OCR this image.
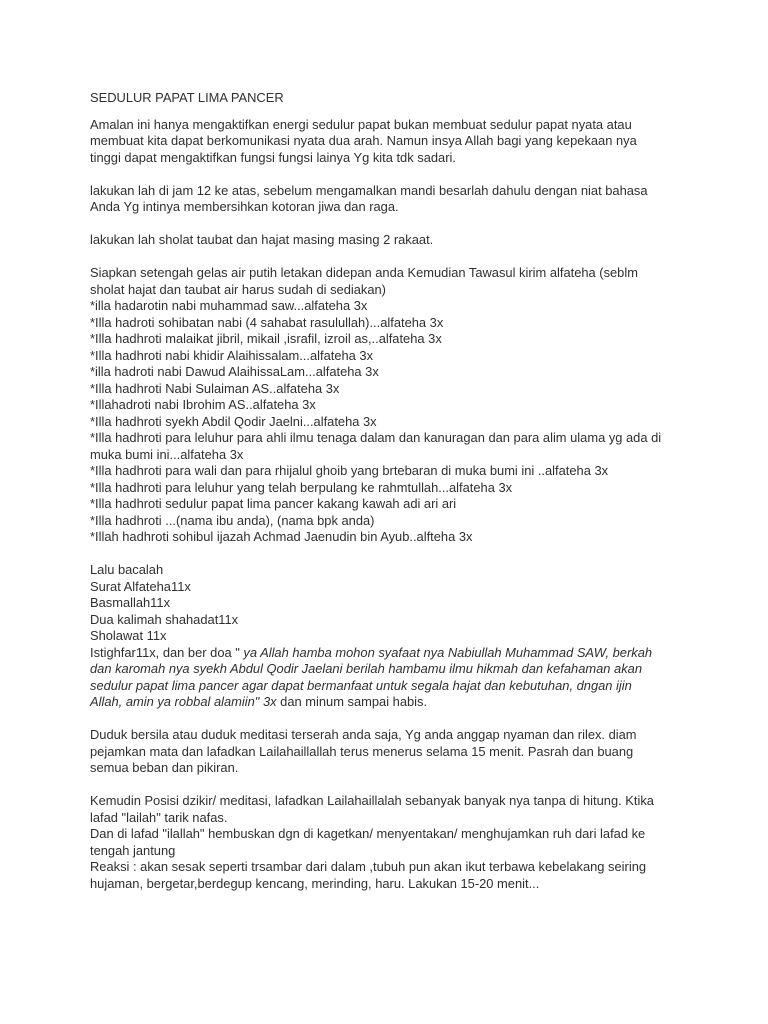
SEDULUR PAPAT LIMA PANCER
Amalan ini hanya mengaktifkan energi sedulur papat bukan membuat sedulur papat nyata atau
membuat kita dapat berkomunikasi nyata dua arah. Namun insya Allah bagi yang kepekaan nya
tinggi dapat mengaktifkan fungsi fungsi lainya Yg kita tdk sadari.
lakukan lah di jam 12 ke atas, sebelum mengamalkan mandi besarlah dahulu dengan niat bahasa
Anda Yg intinya membersihkan kotoran jiwa dan raga.
lakukan lah sholat taubat dan hajat masing masing 2 rakaat.
Siapkan setengah gelas air putih letakan didepan anda Kemudian Tawasul kirim alfateha (seblm
sholat hajat dan taubat air harus sudah di sediakan)
*illa hadarotin nabi muhammad saw...alfateha 3x
*Illa hadroti sohibatan nabi (4 sahabat rasulullah)...alfateha 3x
*Illa hadhroti malaikat jibril, mikail ,israfil, izroil as,..alfateha 3x
*Illa hadhroti nabi khidir Alaihissalam...alfateha 3x
*illa hadroti nabi Dawud AlaihissaLam...alfateha 3x
*Illa hadhroti Nabi Sulaiman AS..alfateha 3x
*Illahadroti nabi Ibrohim AS..alfateha 3x
*Illa hadhroti syekh Abdil Qodir Jaelni...alfateha 3x
*Illa hadhroti para leluhur para ahli ilmu tenaga dalam dan kanuragan dan para alim ulama yg ada di
muka bumi ini...alfateha 3x
*Illa hadhroti para wali dan para rhijalul ghoib yang brtebaran di muka bumi ini ..alfateha 3x
*Illa hadhroti para leluhur yang telah berpulang ke rahmtullah...alfateha 3x
*Illa hadhroti sedulur papat lima pancer kakang kawah adi ari ari
*Illa hadhroti ...(nama ibu anda), (nama bpk anda)
*Illah hadhroti sohibul ijazah Achmad Jaenudin bin Ayub..alfteha 3x
Lalu bacalah
Surat Alfateha11x
Basmallah11x
Dua kalimah shahadat11x
Sholawat 11x
Istighfar11x, dan ber doa " ya Allah hamba mohon syafaat nya Nabiullah Muhammad SAW, berkah
dan karomah nya syekh Abdul Qodir Jaelani berilah hambamu ilmu hikmah dan kefahaman akan
sedulur papat lima pancer agar dapat bermanfaat untuk segala hajat dan kebutuhan, dngan ijin
Allah, amin ya robbal alamiin" 3x dan minum sampai habis.
Duduk bersila atau duduk meditasi terserah anda saja, Yg anda anggap nyaman dan rilex. diam
pejamkan mata dan lafadkan Lailahaillallah terus menerus selama 15 menit. Pasrah dan buang
semua beban dan pikiran.
Kemudin Posisi dzikir/ meditasi, lafadkan Lailahaillalah sebanyak banyak nya tanpa di hitung. Ktika
lafad "lailah" tarik nafas.
Dan di lafad "ilallah" hembuskan dgn di kagetkan/ menyentakan/ menghujamkan ruh dari lafad ke
tengah jantung
Reaksi : akan sesak seperti trsambar dari dalam ,tubuh pun akan ikut terbawa kebelakang seiring
hujaman, bergetar,berdegup kencang, merinding, haru. Lakukan 15-20 menit...
